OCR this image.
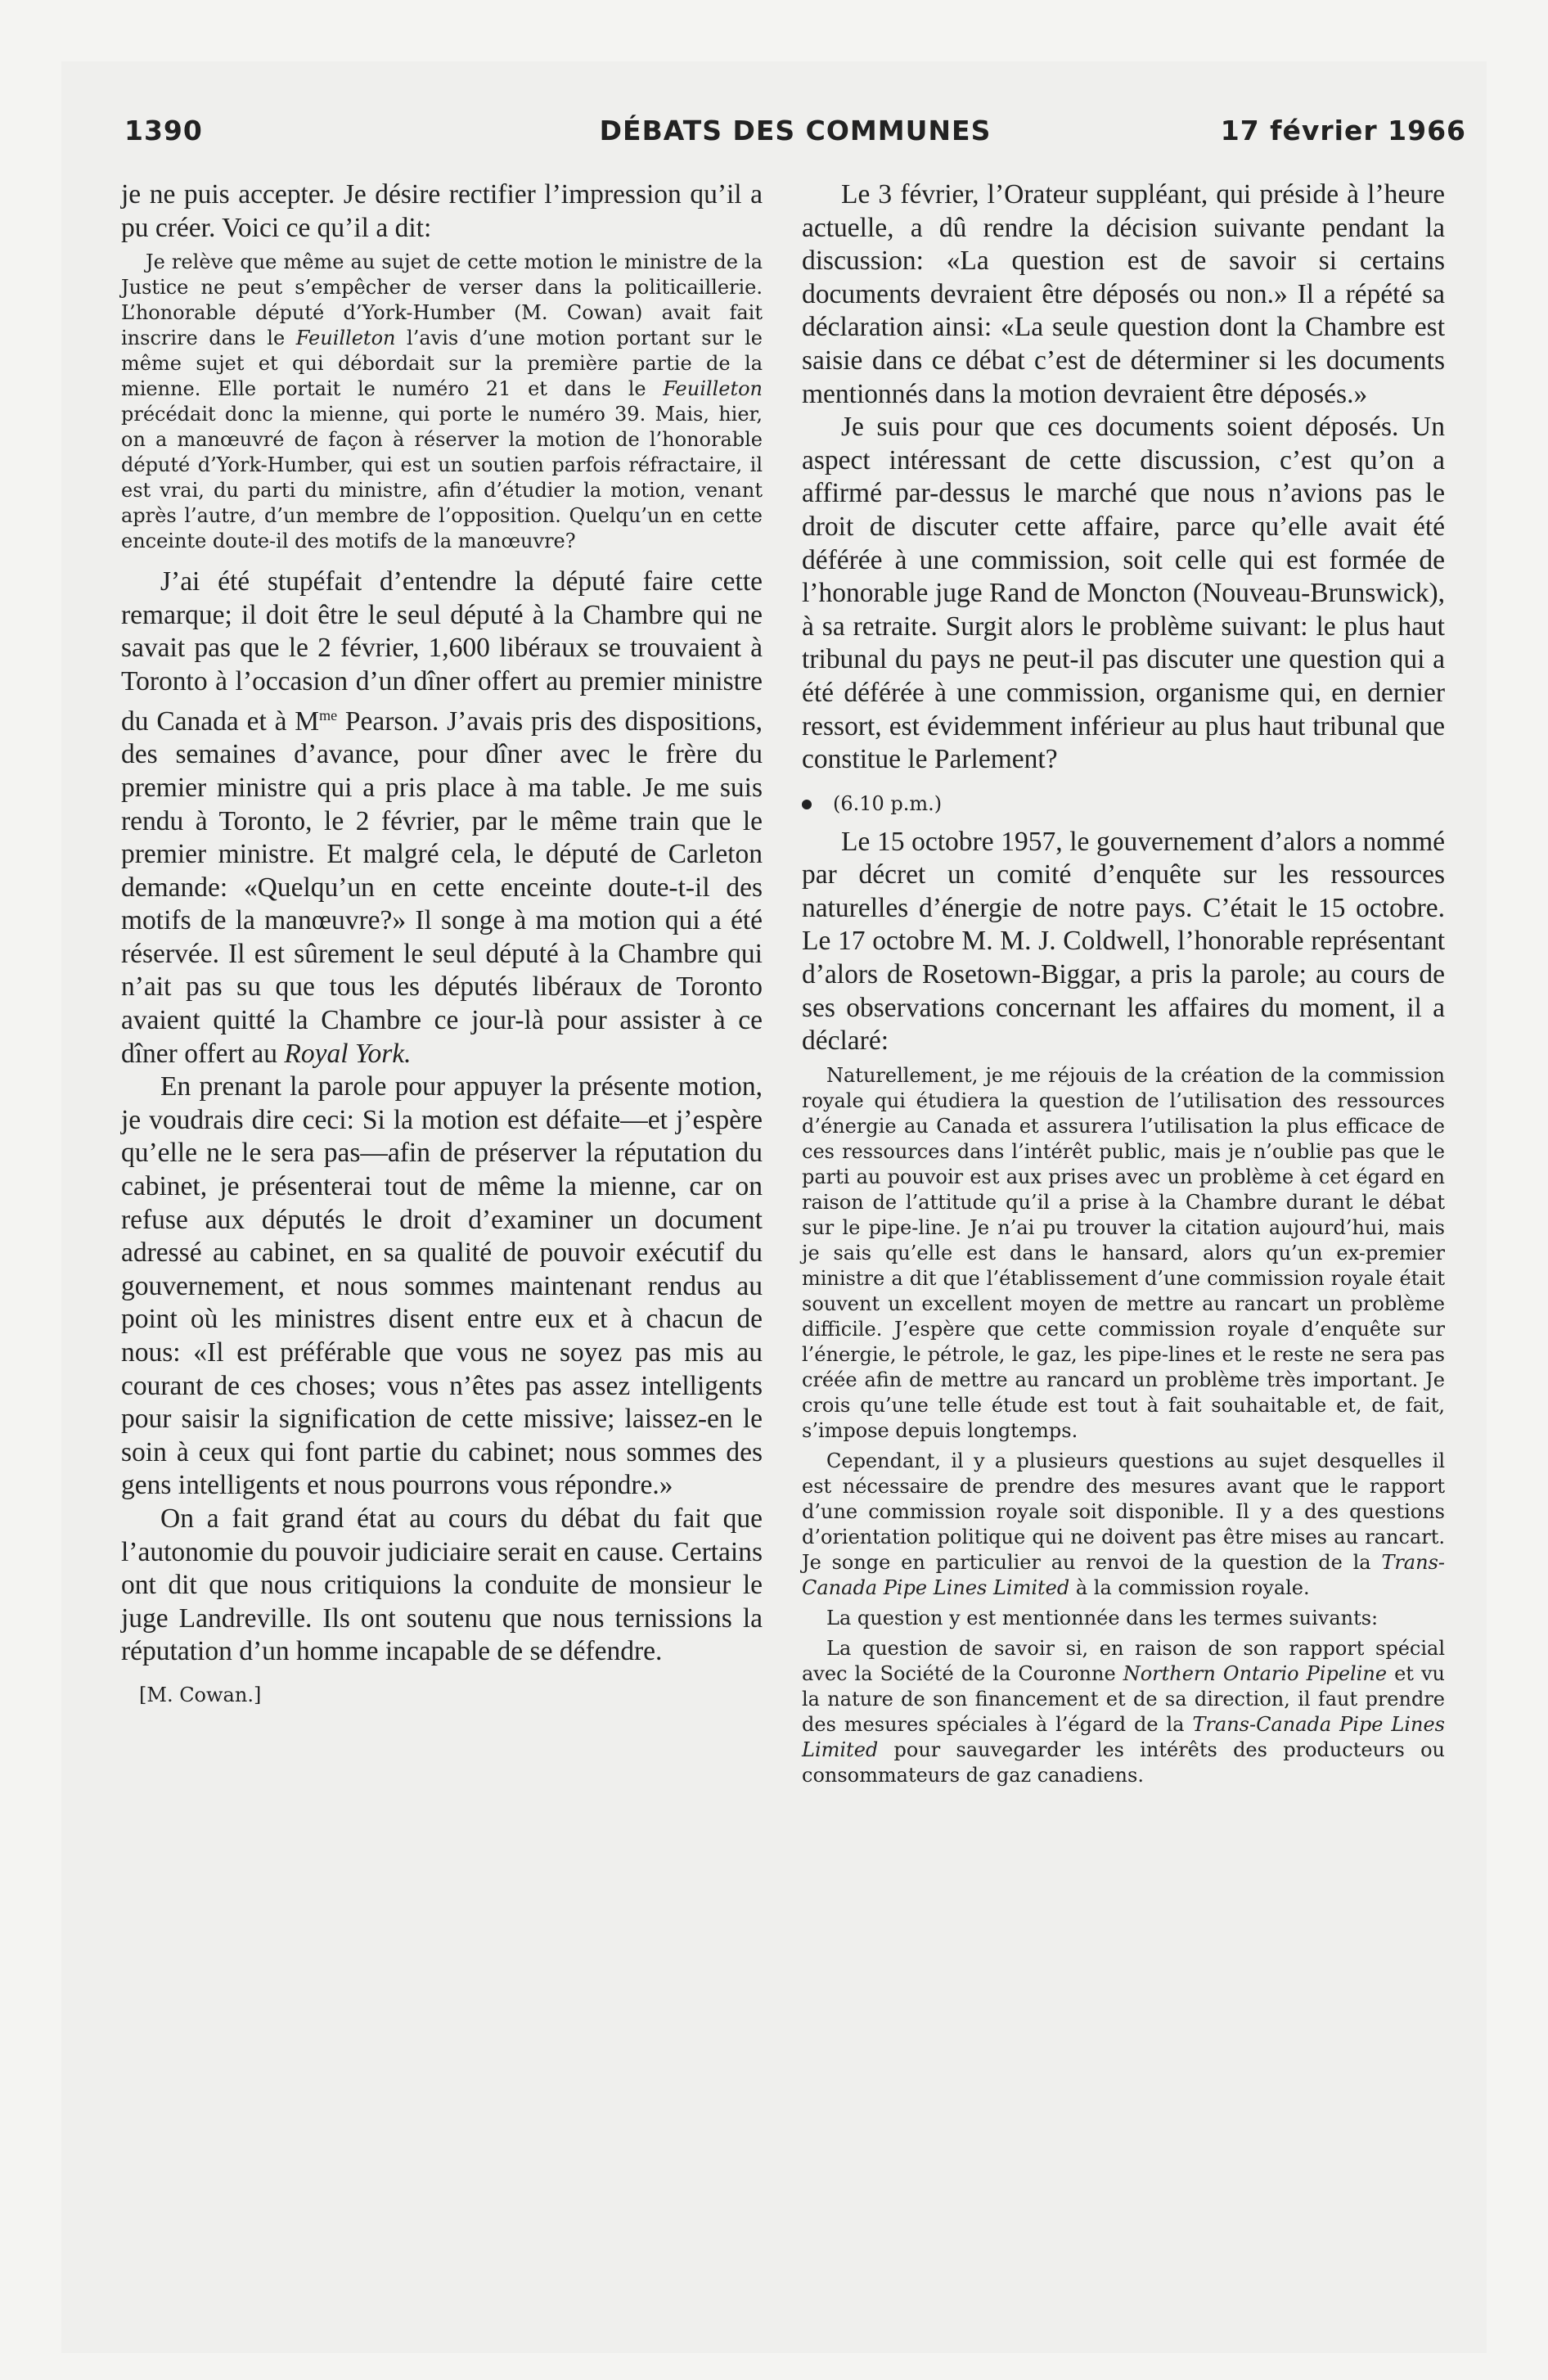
1390	DÉBATS DES COMMUNES	17 février 1966

je ne puis accepter. Je désire rectifier l’impression qu’il a pu créer. Voici ce qu’il a dit:

Je relève que même au sujet de cette motion le ministre de la Justice ne peut s’empêcher de verser dans la politicaillerie. L’honorable député d’York-Humber (M. Cowan) avait fait inscrire dans le Feuilleton l’avis d’une motion portant sur le même sujet et qui débordait sur la première partie de la mienne. Elle portait le numéro 21 et dans le Feuilleton précédait donc la mienne, qui porte le numéro 39. Mais, hier, on a manœuvré de façon à réserver la motion de l’honorable député d’York-Humber, qui est un soutien parfois réfractaire, il est vrai, du parti du ministre, afin d’étudier la motion, venant après l’autre, d’un membre de l’opposition. Quelqu’un en cette enceinte doute-il des motifs de la manœuvre?

J’ai été stupéfait d’entendre la député faire cette remarque; il doit être le seul député à la Chambre qui ne savait pas que le 2 février, 1,600 libéraux se trouvaient à Toronto à l’occasion d’un dîner offert au premier ministre du Canada et à $M^{me}$ Pearson. J’avais pris des dispositions, des semaines d’avance, pour dîner avec le frère du premier ministre qui a pris place à ma table. Je me suis rendu à Toronto, le 2 février, par le même train que le premier ministre. Et malgré cela, le député de Carleton demande: «Quelqu’un en cette enceinte doute-t-il des motifs de la manœuvre?» Il songe à ma motion qui a été réservée. Il est sûrement le seul député à la Chambre qui n’ait pas su que tous les députés libéraux de Toronto avaient quitté la Chambre ce jour-là pour assister à ce dîner offert au Royal York.

En prenant la parole pour appuyer la présente motion, je voudrais dire ceci: Si la motion est défaite—et j’espère qu’elle ne le sera pas—afin de préserver la réputation du cabinet, je présenterai tout de même la mienne, car on refuse aux députés le droit d’examiner un document adressé au cabinet, en sa qualité de pouvoir exécutif du gouvernement, et nous sommes maintenant rendus au point où les ministres disent entre eux et à chacun de nous: «Il est préférable que vous ne soyez pas mis au courant de ces choses; vous n’êtes pas assez intelligents pour saisir la signification de cette missive; laissez-en le soin à ceux qui font partie du cabinet; nous sommes des gens intelligents et nous pourrons vous répondre.»

On a fait grand état au cours du débat du fait que l’autonomie du pouvoir judiciaire serait en cause. Certains ont dit que nous critiquions la conduite de monsieur le juge Landreville. Ils ont soutenu que nous ternissions la réputation d’un homme incapable de se défendre.

[M. Cowan.]

Le 3 février, l’Orateur suppléant, qui préside à l’heure actuelle, a dû rendre la décision suivante pendant la discussion: «La question est de savoir si certains documents devraient être déposés ou non.» Il a répété sa déclaration ainsi: «La seule question dont la Chambre est saisie dans ce débat c’est de déterminer si les documents mentionnés dans la motion devraient être déposés.»

Je suis pour que ces documents soient déposés. Un aspect intéressant de cette discussion, c’est qu’on a affirmé par-dessus le marché que nous n’avions pas le droit de discuter cette affaire, parce qu’elle avait été déférée à une commission, soit celle qui est formée de l’honorable juge Rand de Moncton (Nouveau-Brunswick), à sa retraite. Surgit alors le problème suivant: le plus haut tribunal du pays ne peut-il pas discuter une question qui a été déférée à une commission, organisme qui, en dernier ressort, est évidemment inférieur au plus haut tribunal que constitue le Parlement?

(6.10 p.m.)

Le 15 octobre 1957, le gouvernement d’alors a nommé par décret un comité d’enquête sur les ressources naturelles d’énergie de notre pays. C’était le 15 octobre. Le 17 octobre M. M. J. Coldwell, l’honorable représentant d’alors de Rosetown-Biggar, a pris la parole; au cours de ses observations concernant les affaires du moment, il a déclaré:

Naturellement, je me réjouis de la création de la commission royale qui étudiera la question de l’utilisation des ressources d’énergie au Canada et assurera l’utilisation la plus efficace de ces ressources dans l’intérêt public, mais je n’oublie pas que le parti au pouvoir est aux prises avec un problème à cet égard en raison de l’attitude qu’il a prise à la Chambre durant le débat sur le pipe-line. Je n’ai pu trouver la citation aujourd’hui, mais je sais qu’elle est dans le hansard, alors qu’un ex-premier ministre a dit que l’établissement d’une commission royale était souvent un excellent moyen de mettre au rancart un problème difficile. J’espère que cette commission royale d’enquête sur l’énergie, le pétrole, le gaz, les pipe-lines et le reste ne sera pas créée afin de mettre au rancard un problème très important. Je crois qu’une telle étude est tout à fait souhaitable et, de fait, s’impose depuis longtemps.

Cependant, il y a plusieurs questions au sujet desquelles il est nécessaire de prendre des mesures avant que le rapport d’une commission royale soit disponible. Il y a des questions d’orientation politique qui ne doivent pas être mises au rancart. Je songe en particulier au renvoi de la question de la Trans-Canada Pipe Lines Limited à la commission royale.

La question y est mentionnée dans les termes suivants:

La question de savoir si, en raison de son rapport spécial avec la Société de la Couronne Northern Ontario Pipeline et vu la nature de son financement et de sa direction, il faut prendre des mesures spéciales à l’égard de la Trans-Canada Pipe Lines Limited pour sauvegarder les intérêts des producteurs ou consommateurs de gaz canadiens.
